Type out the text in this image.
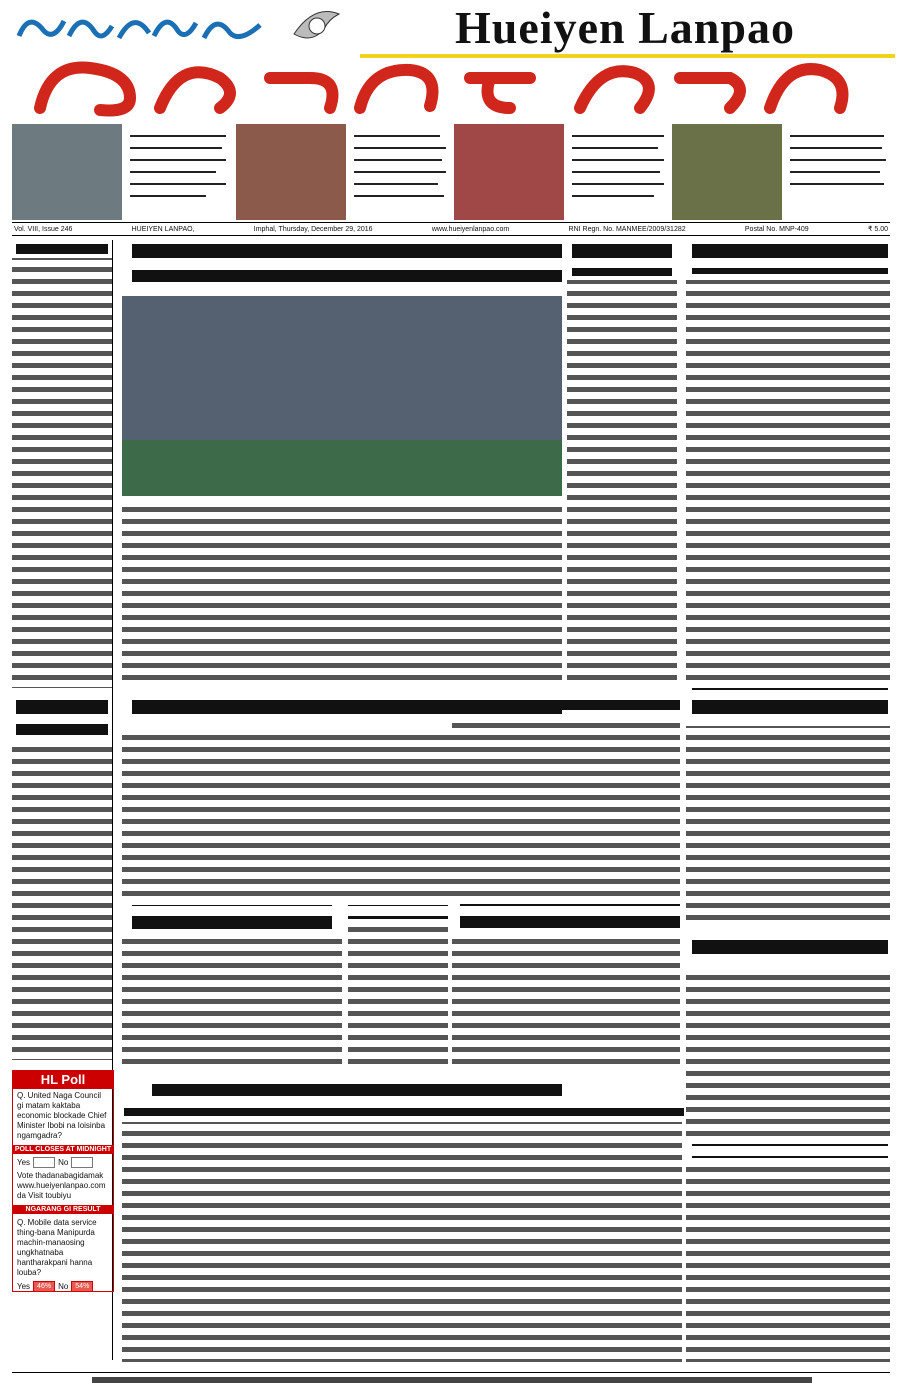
Hueiyen Lanpao
Vol. VIII, Issue 246	HUEIYEN LANPAO,	Imphal, Thursday, December 29, 2016	www.hueiyenlanpao.com	RNI Regn. No. MANMEE/2009/31282	Postal No. MNP-409	₹ 5.00
HL Poll
Q. United Naga Council gi matam kaktaba economic blockade Chief Minister Ibobi na loisinba ngamgadra?
POLL CLOSES AT MIDNIGHT
Yes	No
Vote thadanabagidamak www.hueiyenlanpao.com da Visit toubiyu
NGARANG GI RESULT
Q. Mobile data service thing-bana Manipurda machin-manaosing ungkhatnaba hantharakpani hanna louba?
Yes 46% No 54%
